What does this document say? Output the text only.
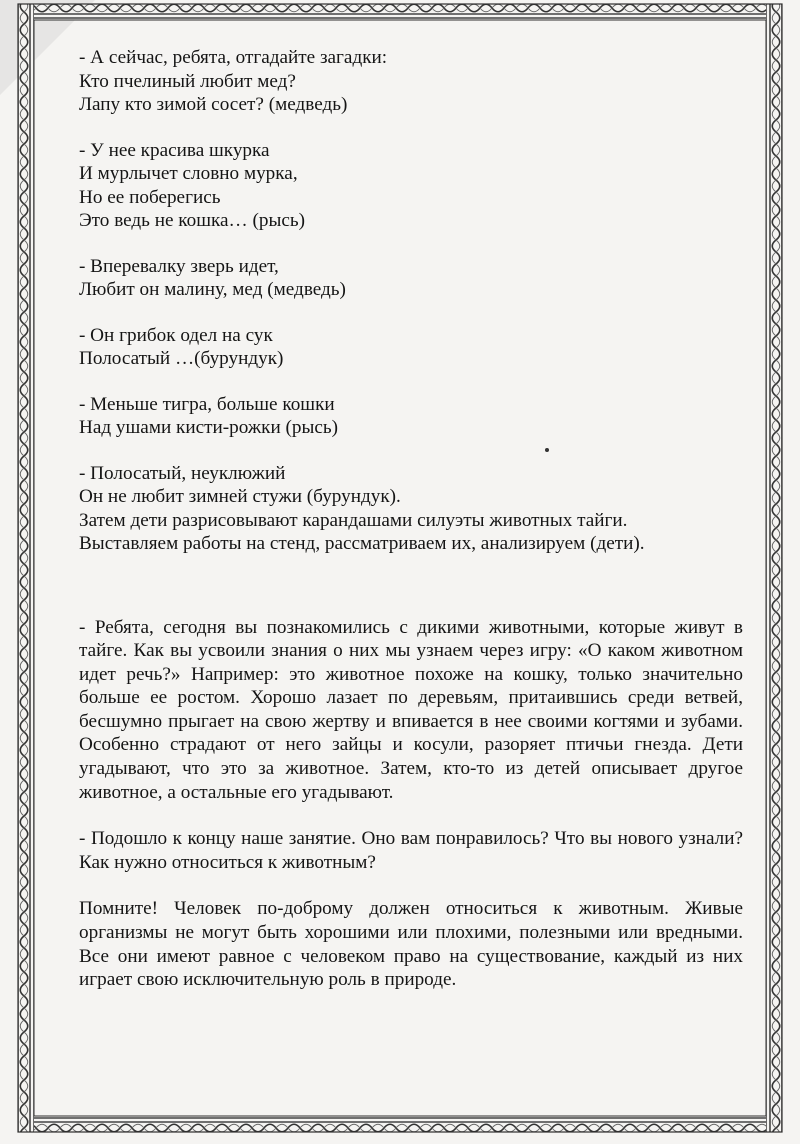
- А сейчас, ребята, отгадайте загадки:
Кто пчелиный любит мед?
Лапу кто зимой сосет? (медведь)
- У нее красива шкурка
И мурлычет словно мурка,
Но ее поберегись
Это ведь не кошка… (рысь)
- Вперевалку зверь идет,
Любит он малину, мед (медведь)
- Он грибок одел на сук
Полосатый …(бурундук)
- Меньше тигра, больше кошки
Над ушами кисти-рожки (рысь)
- Полосатый, неуклюжий
Он не любит зимней стужи (бурундук).
Затем дети разрисовывают карандашами силуэты животных тайги.
Выставляем работы на стенд, рассматриваем их, анализируем (дети).

- Ребята, сегодня вы познакомились с дикими животными, которые живут в тайге. Как вы усвоили знания о них мы узнаем через игру: «О каком животном идет речь?» Например: это животное похоже на кошку, только значительно больше ее ростом. Хорошо лазает по деревьям, притаившись среди ветвей, бесшумно прыгает на свою жертву и впивается в нее своими когтями и зубами. Особенно страдают от него зайцы и косули, разоряет птичьи гнезда. Дети угадывают, что это за животное. Затем, кто-то из детей описывает другое животное, а остальные его угадывают.

- Подошло к концу наше занятие. Оно вам понравилось? Что вы нового узнали? Как нужно относиться к животным?

Помните! Человек по-доброму должен относиться к животным. Живые организмы не могут быть хорошими или плохими, полезными или вредными. Все они имеют равное с человеком право на существование, каждый из них играет свою исключительную роль в природе.
